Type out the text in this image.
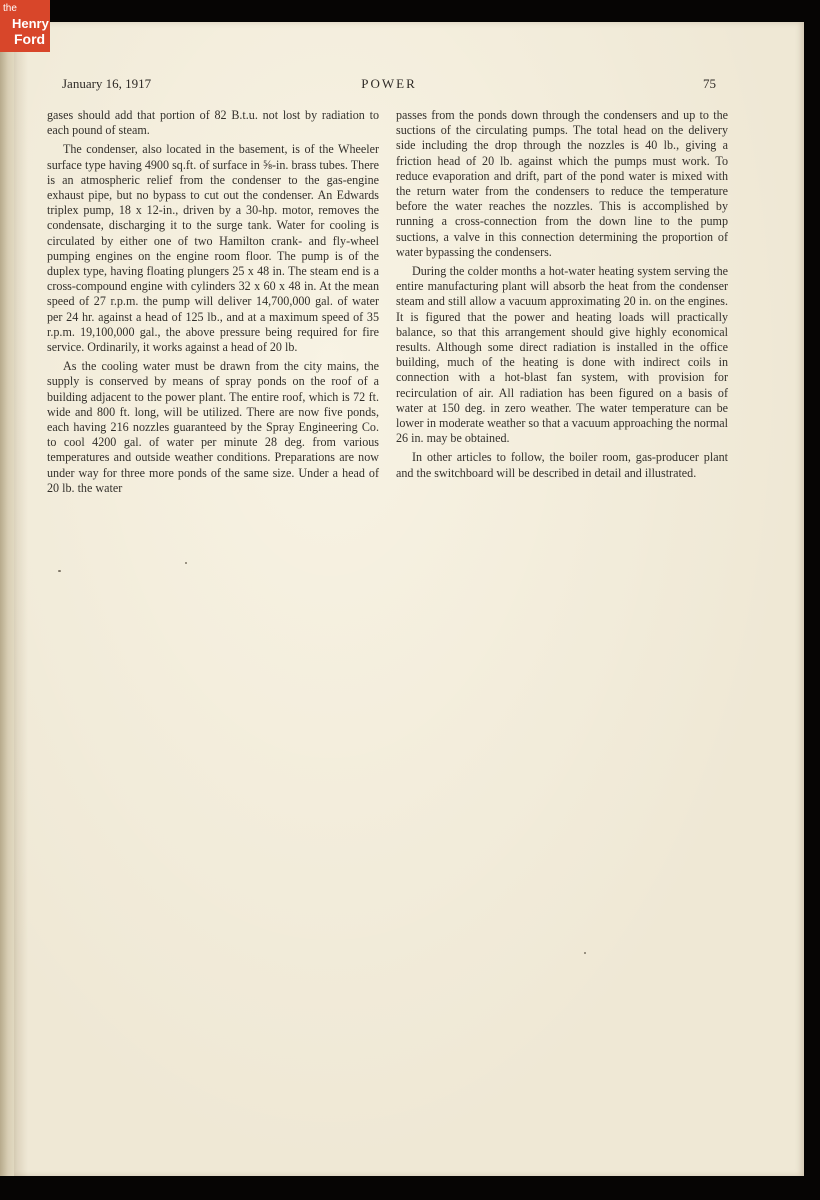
the
Henry
Ford
January 16, 1917	POWER	75

gases should add that portion of 82 B.t.u. not lost by radiation to each pound of steam.

The condenser, also located in the basement, is of the Wheeler surface type having 4900 sq.ft. of surface in ⅝-in. brass tubes. There is an atmospheric relief from the condenser to the gas-engine exhaust pipe, but no bypass to cut out the condenser. An Edwards triplex pump, 18 x 12-in., driven by a 30-hp. motor, removes the condensate, discharging it to the surge tank. Water for cooling is circulated by either one of two Hamilton crank- and fly-wheel pumping engines on the engine room floor. The pump is of the duplex type, having floating plungers 25 x 48 in. The steam end is a cross-compound engine with cylinders 32 x 60 x 48 in. At the mean speed of 27 r.p.m. the pump will deliver 14,700,000 gal. of water per 24 hr. against a head of 125 lb., and at a maximum speed of 35 r.p.m. 19,100,000 gal., the above pressure being required for fire service. Ordinarily, it works against a head of 20 lb.

As the cooling water must be drawn from the city mains, the supply is conserved by means of spray ponds on the roof of a building adjacent to the power plant. The entire roof, which is 72 ft. wide and 800 ft. long, will be utilized. There are now five ponds, each having 216 nozzles guaranteed by the Spray Engineering Co. to cool 4200 gal. of water per minute 28 deg. from various temperatures and outside weather conditions. Preparations are now under way for three more ponds of the same size. Under a head of 20 lb. the water

passes from the ponds down through the condensers and up to the suctions of the circulating pumps. The total head on the delivery side including the drop through the nozzles is 40 lb., giving a friction head of 20 lb. against which the pumps must work. To reduce evaporation and drift, part of the pond water is mixed with the return water from the condensers to reduce the temperature before the water reaches the nozzles. This is accomplished by running a cross-connection from the down line to the pump suctions, a valve in this connection determining the proportion of water bypassing the condensers.

During the colder months a hot-water heating system serving the entire manufacturing plant will absorb the heat from the condenser steam and still allow a vacuum approximating 20 in. on the engines. It is figured that the power and heating loads will practically balance, so that this arrangement should give highly economical results. Although some direct radiation is installed in the office building, much of the heating is done with indirect coils in connection with a hot-blast fan system, with provision for recirculation of air. All radiation has been figured on a basis of water at 150 deg. in zero weather. The water temperature can be lower in moderate weather so that a vacuum approaching the normal 26 in. may be obtained.

In other articles to follow, the boiler room, gas-producer plant and the switchboard will be described in detail and illustrated.
